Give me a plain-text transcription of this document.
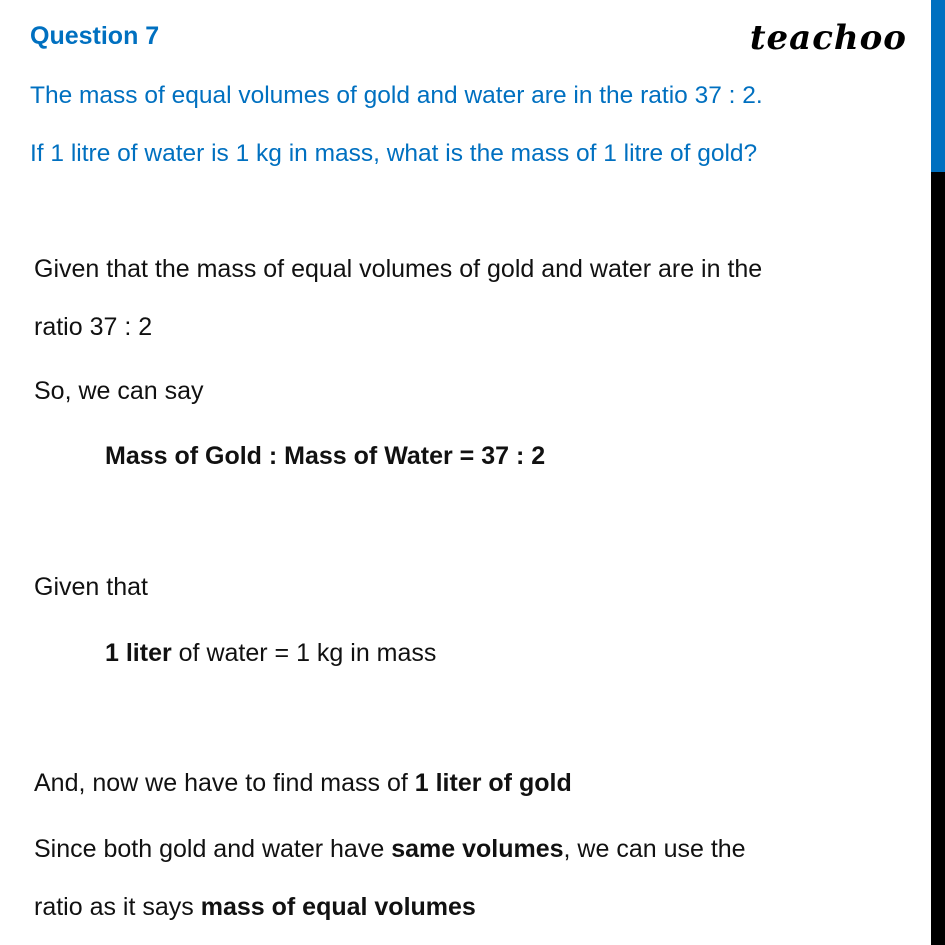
Question 7	teachoo
The mass of equal volumes of gold and water are in the ratio 37 : 2.
If 1 litre of water is 1 kg in mass, what is the mass of 1 litre of gold?
Given that the mass of equal volumes of gold and water are in the
ratio 37 : 2
So, we can say
Mass of Gold : Mass of Water = 37 : 2
Given that
1 liter of water = 1 kg in mass
And, now we have to find mass of 1 liter of gold
Since both gold and water have same volumes, we can use the
ratio as it says mass of equal volumes
